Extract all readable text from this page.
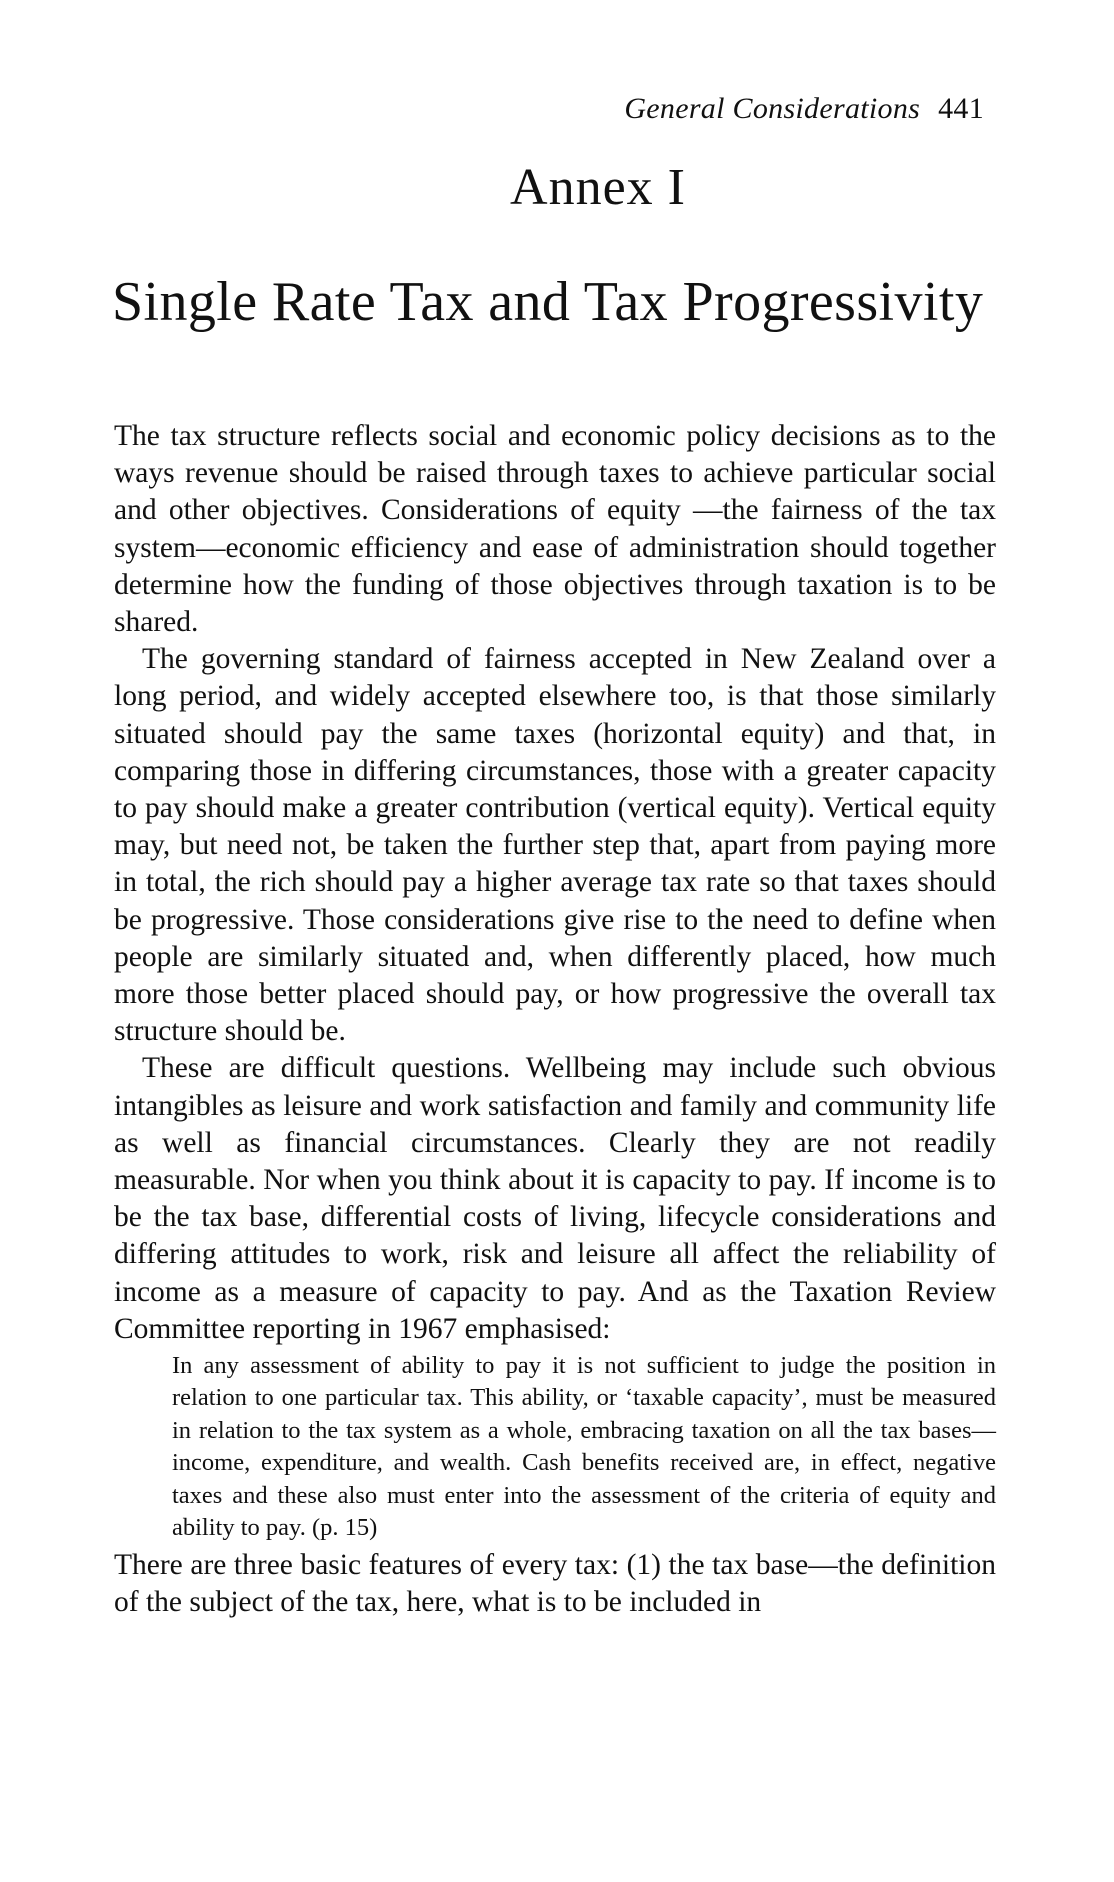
General Considerations 441
Annex I
Single Rate Tax and Tax Progressivity

The tax structure reflects social and economic policy decisions as to the ways revenue should be raised through taxes to achieve particular social and other objectives. Considerations of equity —the fairness of the tax system—economic efficiency and ease of administration should together determine how the funding of those objectives through taxation is to be shared.

The governing standard of fairness accepted in New Zealand over a long period, and widely accepted elsewhere too, is that those similarly situated should pay the same taxes (horizontal equity) and that, in comparing those in differing circumstances, those with a greater capacity to pay should make a greater contribution (vertical equity). Vertical equity may, but need not, be taken the further step that, apart from paying more in total, the rich should pay a higher average tax rate so that taxes should be progressive. Those considerations give rise to the need to define when people are similarly situated and, when differently placed, how much more those better placed should pay, or how progressive the overall tax structure should be.

These are difficult questions. Wellbeing may include such obvious intangibles as leisure and work satisfaction and family and community life as well as financial circumstances. Clearly they are not readily measurable. Nor when you think about it is capacity to pay. If income is to be the tax base, differential costs of living, lifecycle considerations and differing attitudes to work, risk and leisure all affect the reliability of income as a measure of capacity to pay. And as the Taxation Review Committee reporting in 1967 emphasised:

In any assessment of ability to pay it is not sufficient to judge the position in relation to one particular tax. This ability, or ‘taxable capacity’, must be measured in relation to the tax system as a whole, embracing taxation on all the tax bases—income, expenditure, and wealth. Cash benefits received are, in effect, negative taxes and these also must enter into the assessment of the criteria of equity and ability to pay. (p. 15)

There are three basic features of every tax: (1) the tax base—the definition of the subject of the tax, here, what is to be included in
